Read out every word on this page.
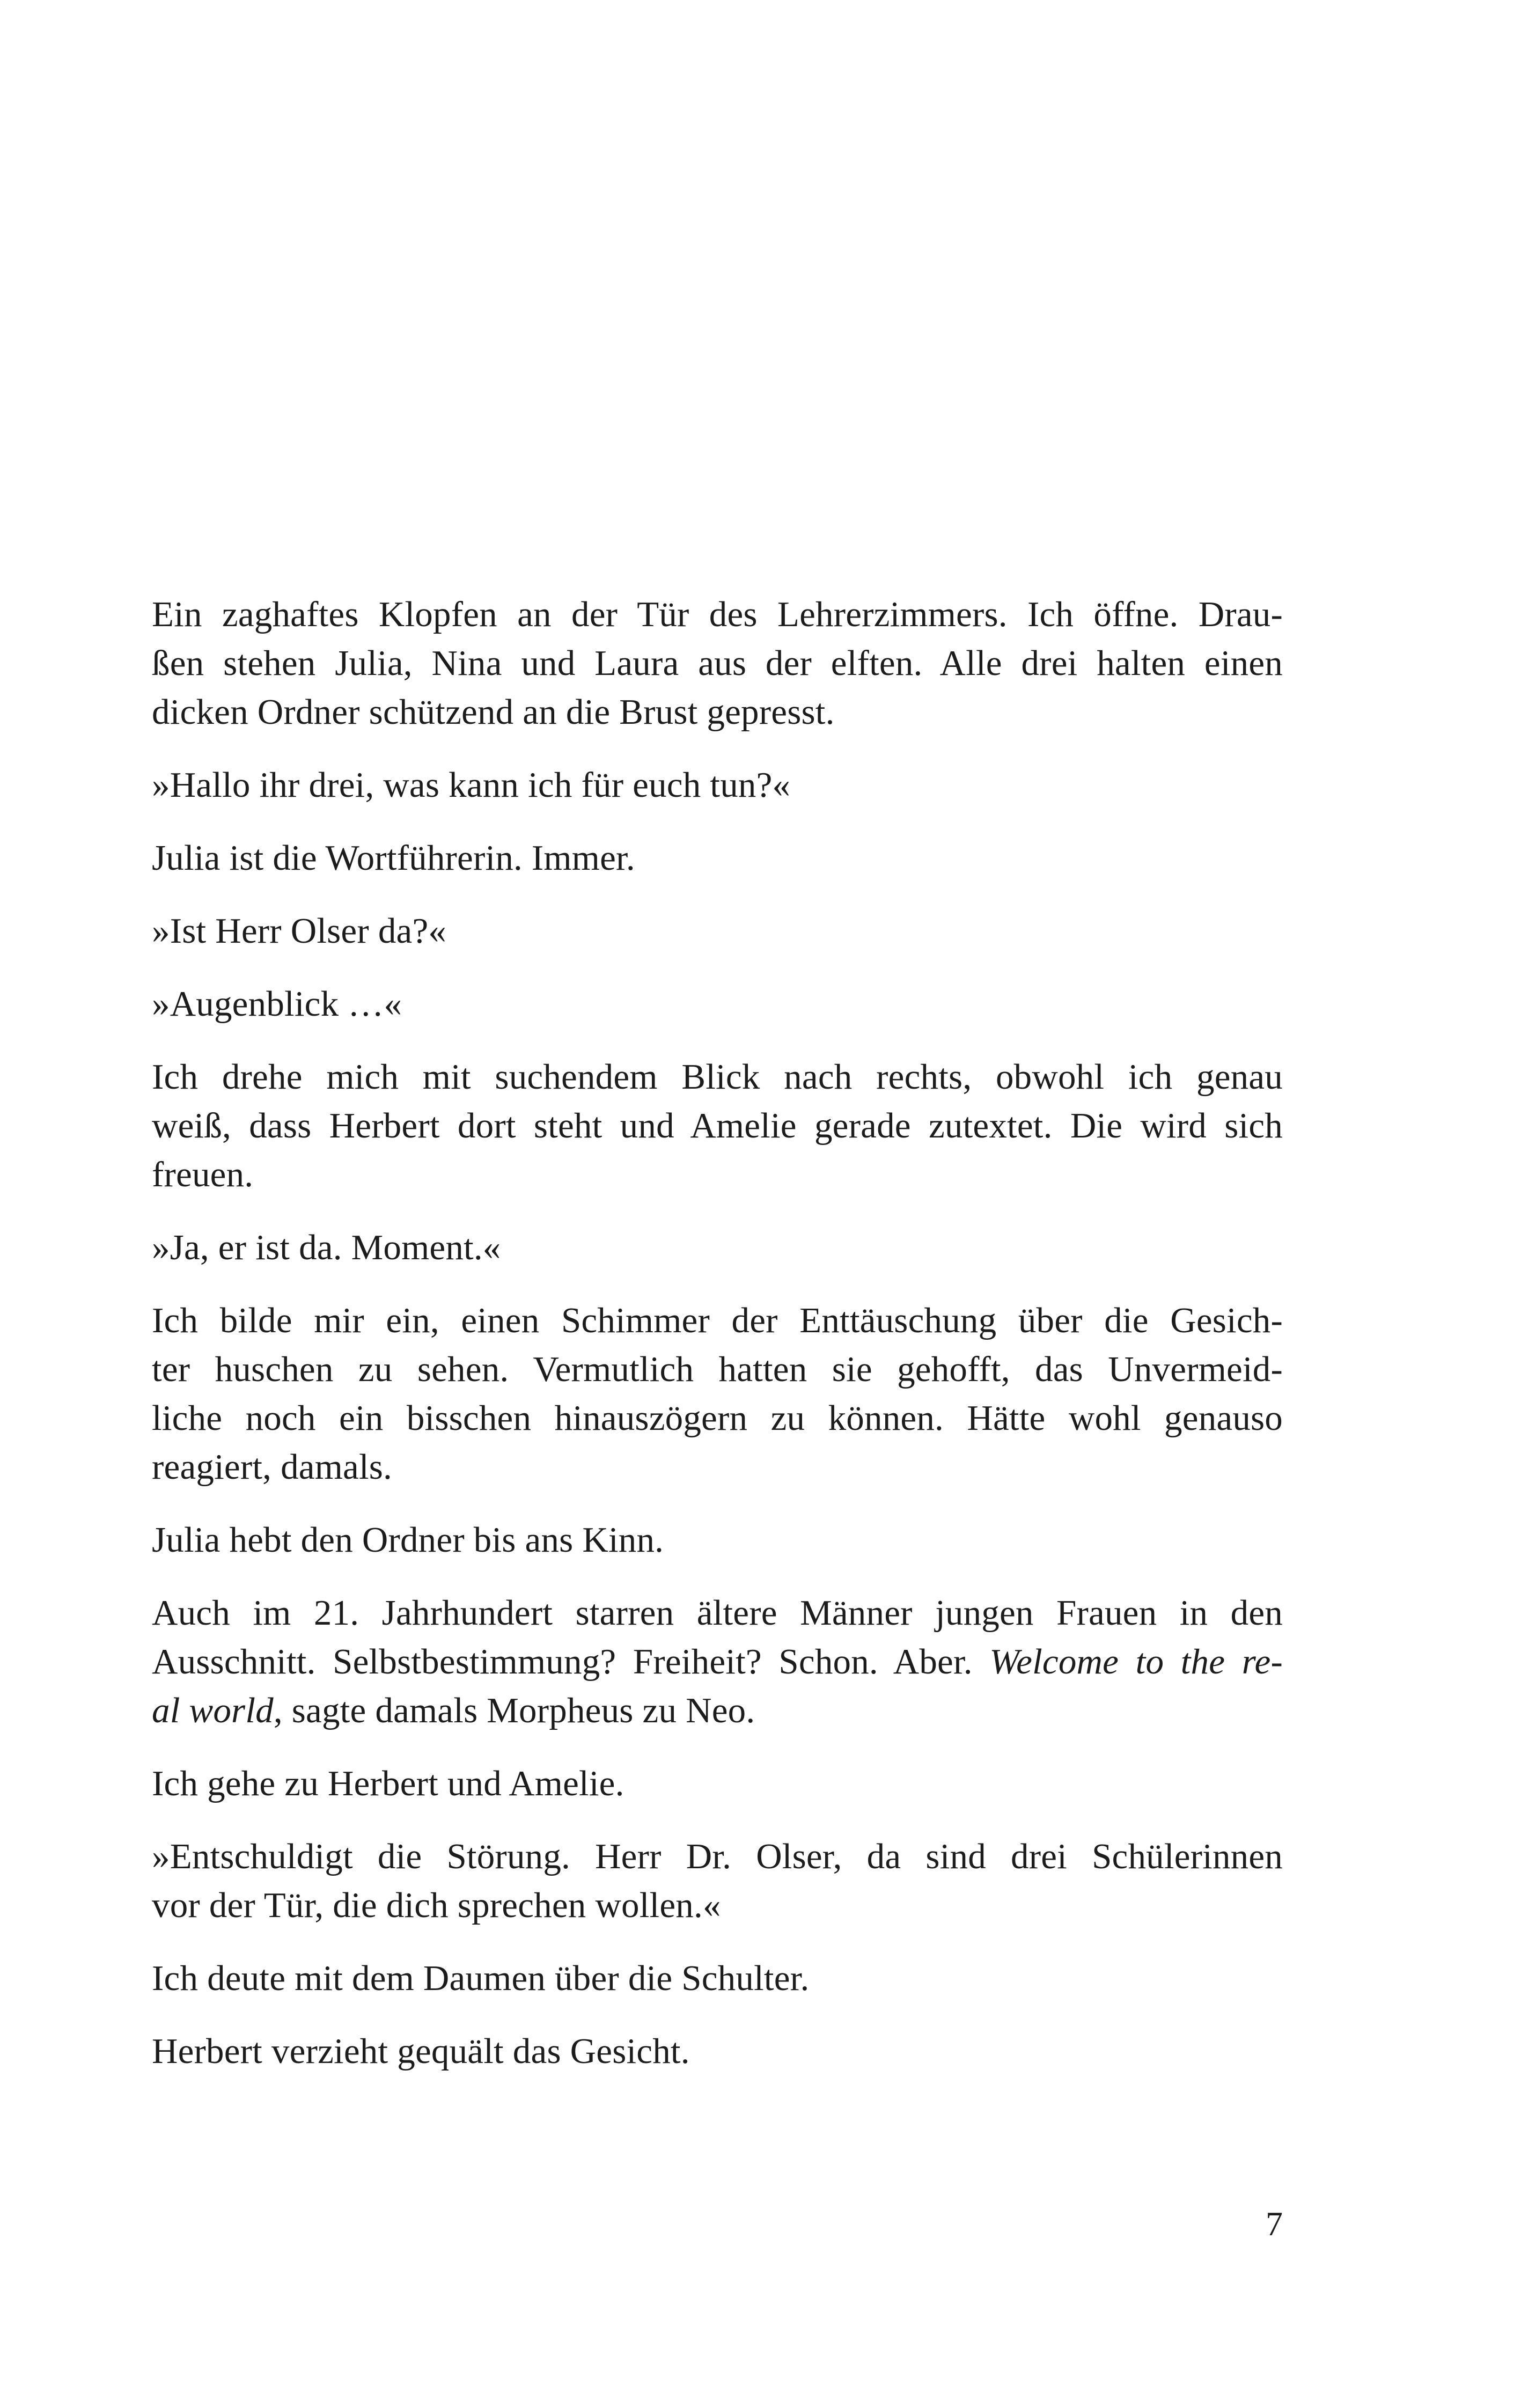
Ein zaghaftes Klopfen an der Tür des Lehrerzimmers. Ich öffne. Drau-
ßen stehen Julia, Nina und Laura aus der elften. Alle drei halten einen
dicken Ordner schützend an die Brust gepresst.

»Hallo ihr drei, was kann ich für euch tun?«

Julia ist die Wortführerin. Immer.

»Ist Herr Olser da?«

»Augenblick …«

Ich drehe mich mit suchendem Blick nach rechts, obwohl ich genau
weiß, dass Herbert dort steht und Amelie gerade zutextet. Die wird sich
freuen.

»Ja, er ist da. Moment.«

Ich bilde mir ein, einen Schimmer der Enttäuschung über die Gesich-
ter huschen zu sehen. Vermutlich hatten sie gehofft, das Unvermeid-
liche noch ein bisschen hinauszögern zu können. Hätte wohl genauso
reagiert, damals.

Julia hebt den Ordner bis ans Kinn.

Auch im 21. Jahrhundert starren ältere Männer jungen Frauen in den
Ausschnitt. Selbstbestimmung? Freiheit? Schon. Aber. Welcome to the re-
al world, sagte damals Morpheus zu Neo.

Ich gehe zu Herbert und Amelie.

»Entschuldigt die Störung. Herr Dr. Olser, da sind drei Schülerinnen
vor der Tür, die dich sprechen wollen.«

Ich deute mit dem Daumen über die Schulter.

Herbert verzieht gequält das Gesicht.

7
